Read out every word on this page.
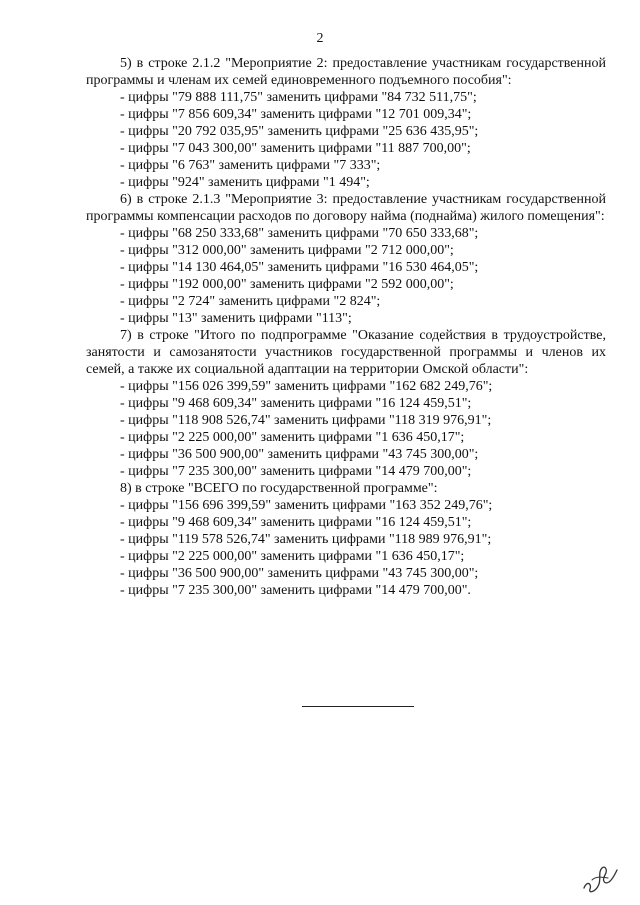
2

5) в строке 2.1.2 "Мероприятие 2: предоставление участникам государственной программы и членам их семей единовременного подъемного пособия":

- цифры "79 888 111,75" заменить цифрами "84 732 511,75";
- цифры "7 856 609,34" заменить цифрами "12 701 009,34";
- цифры "20 792 035,95" заменить цифрами "25 636 435,95";
- цифры "7 043 300,00" заменить цифрами "11 887 700,00";
- цифры "6 763" заменить цифрами "7 333";
- цифры "924" заменить цифрами "1 494";

6) в строке 2.1.3 "Мероприятие 3: предоставление участникам государственной программы компенсации расходов по договору найма (поднайма) жилого помещения":

- цифры "68 250 333,68" заменить цифрами "70 650 333,68";
- цифры "312 000,00" заменить цифрами "2 712 000,00";
- цифры "14 130 464,05" заменить цифрами "16 530 464,05";
- цифры "192 000,00" заменить цифрами "2 592 000,00";
- цифры "2 724" заменить цифрами "2 824";
- цифры "13" заменить цифрами "113";

7) в строке "Итого по подпрограмме "Оказание содействия в трудоустройстве, занятости и самозанятости участников государственной программы и членов их семей, а также их социальной адаптации на территории Омской области":

- цифры "156 026 399,59" заменить цифрами "162 682 249,76";
- цифры "9 468 609,34" заменить цифрами "16 124 459,51";
- цифры "118 908 526,74" заменить цифрами "118 319 976,91";
- цифры "2 225 000,00" заменить цифрами "1 636 450,17";
- цифры "36 500 900,00" заменить цифрами "43 745 300,00";
- цифры "7 235 300,00" заменить цифрами "14 479 700,00";

8) в строке "ВСЕГО по государственной программе":

- цифры "156 696 399,59" заменить цифрами "163 352 249,76";
- цифры "9 468 609,34" заменить цифрами "16 124 459,51";
- цифры "119 578 526,74" заменить цифрами "118 989 976,91";
- цифры "2 225 000,00" заменить цифрами "1 636 450,17";
- цифры "36 500 900,00" заменить цифрами "43 745 300,00";
- цифры "7 235 300,00" заменить цифрами "14 479 700,00".
